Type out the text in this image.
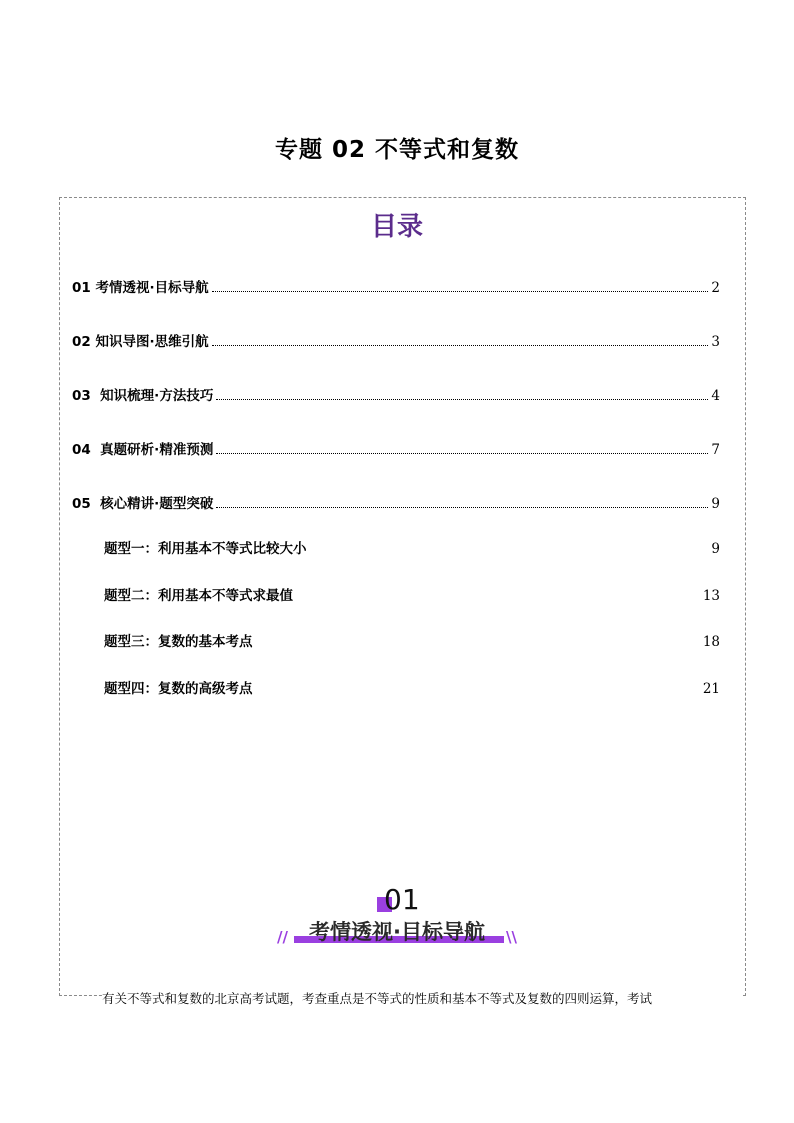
专题 02 不等式和复数
目录
01 考情透视·目标导航	2
02 知识导图·思维引航	3
03  知识梳理·方法技巧	4
04  真题研析·精准预测	7
05  核心精讲·题型突破	9
题型一：利用基本不等式比较大小	9
题型二：利用基本不等式求最值	13
题型三：复数的基本考点	18
题型四：复数的高级考点	21
01
//	考情透视·目标导航	\\
有关不等式和复数的北京高考试题，考查重点是不等式的性质和基本不等式及复数的四则运算，考试
